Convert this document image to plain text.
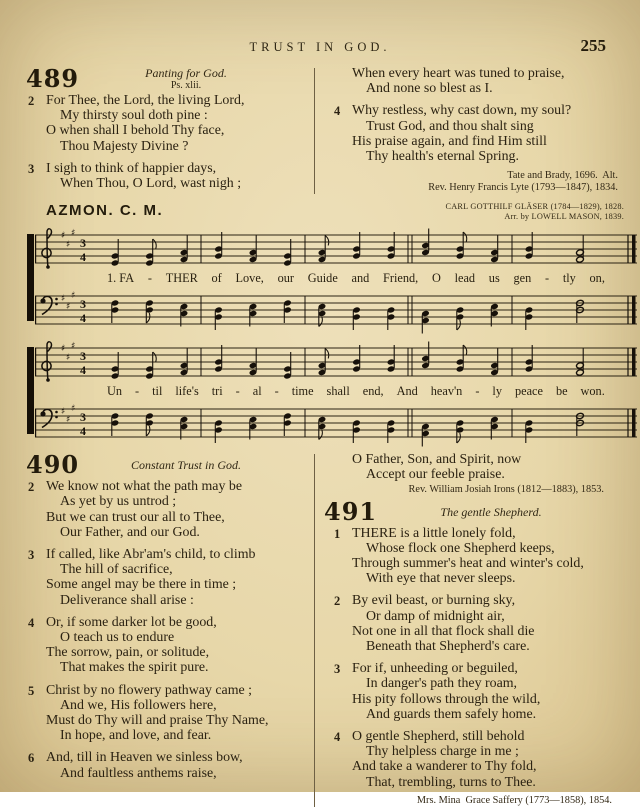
TRUST IN GOD.	255
489	Panting for God.
Ps. xlii.
2 For Thee, the Lord, the living Lord,
My thirsty soul doth pine :
O when shall I behold Thy face,
Thou Majesty Divine ?
3 I sigh to think of happier days,
When Thou, O Lord, wast nigh ;
When every heart was tuned to praise,
And none so blest as I.
4 Why restless, why cast down, my soul?
Trust God, and thou shalt sing
His praise again, and find Him still
Thy health's eternal Spring.
Tate and Brady, 1696.  Alt.
Rev. Henry Francis Lyte (1793—1847), 1834.
AZMON. C. M.	CARL GOTTHILF GLÄSER (1784—1829), 1828.
Arr. by LOWELL MASON, 1839.
♯
♯
♯
3
4
1. FA - THER of Love, our Guide and Friend, O lead us gen - tly on,
♯
♯
♯
3
4
♯
♯
♯
3
4
Un - til life's tri - al - time shall end, And heav'n - ly peace be won.
♯
♯
♯
3
4
490	Constant Trust in God.
2 We know not what the path may be
As yet by us untrod ;
But we can trust our all to Thee,
Our Father, and our God.
3 If called, like Abr'am's child, to climb
The hill of sacrifice,
Some angel may be there in time ;
Deliverance shall arise :
4 Or, if some darker lot be good,
O teach us to endure
The sorrow, pain, or solitude,
That makes the spirit pure.
5 Christ by no flowery pathway came ;
And we, His followers here,
Must do Thy will and praise Thy Name,
In hope, and love, and fear.
6 And, till in Heaven we sinless bow,
And faultless anthems raise,
O Father, Son, and Spirit, now
Accept our feeble praise.
Rev. William Josiah Irons (1812—1883), 1853.
491	The gentle Shepherd.
1 THERE is a little lonely fold,
Whose flock one Shepherd keeps,
Through summer's heat and winter's cold,
With eye that never sleeps.
2 By evil beast, or burning sky,
Or damp of midnight air,
Not one in all that flock shall die
Beneath that Shepherd's care.
3 For if, unheeding or beguiled,
In danger's path they roam,
His pity follows through the wild,
And guards them safely home.
4 O gentle Shepherd, still behold
Thy helpless charge in me ;
And take a wanderer to Thy fold,
That, trembling, turns to Thee.
Mrs. Mina  Grace Saffery (1773—1858), 1854.
